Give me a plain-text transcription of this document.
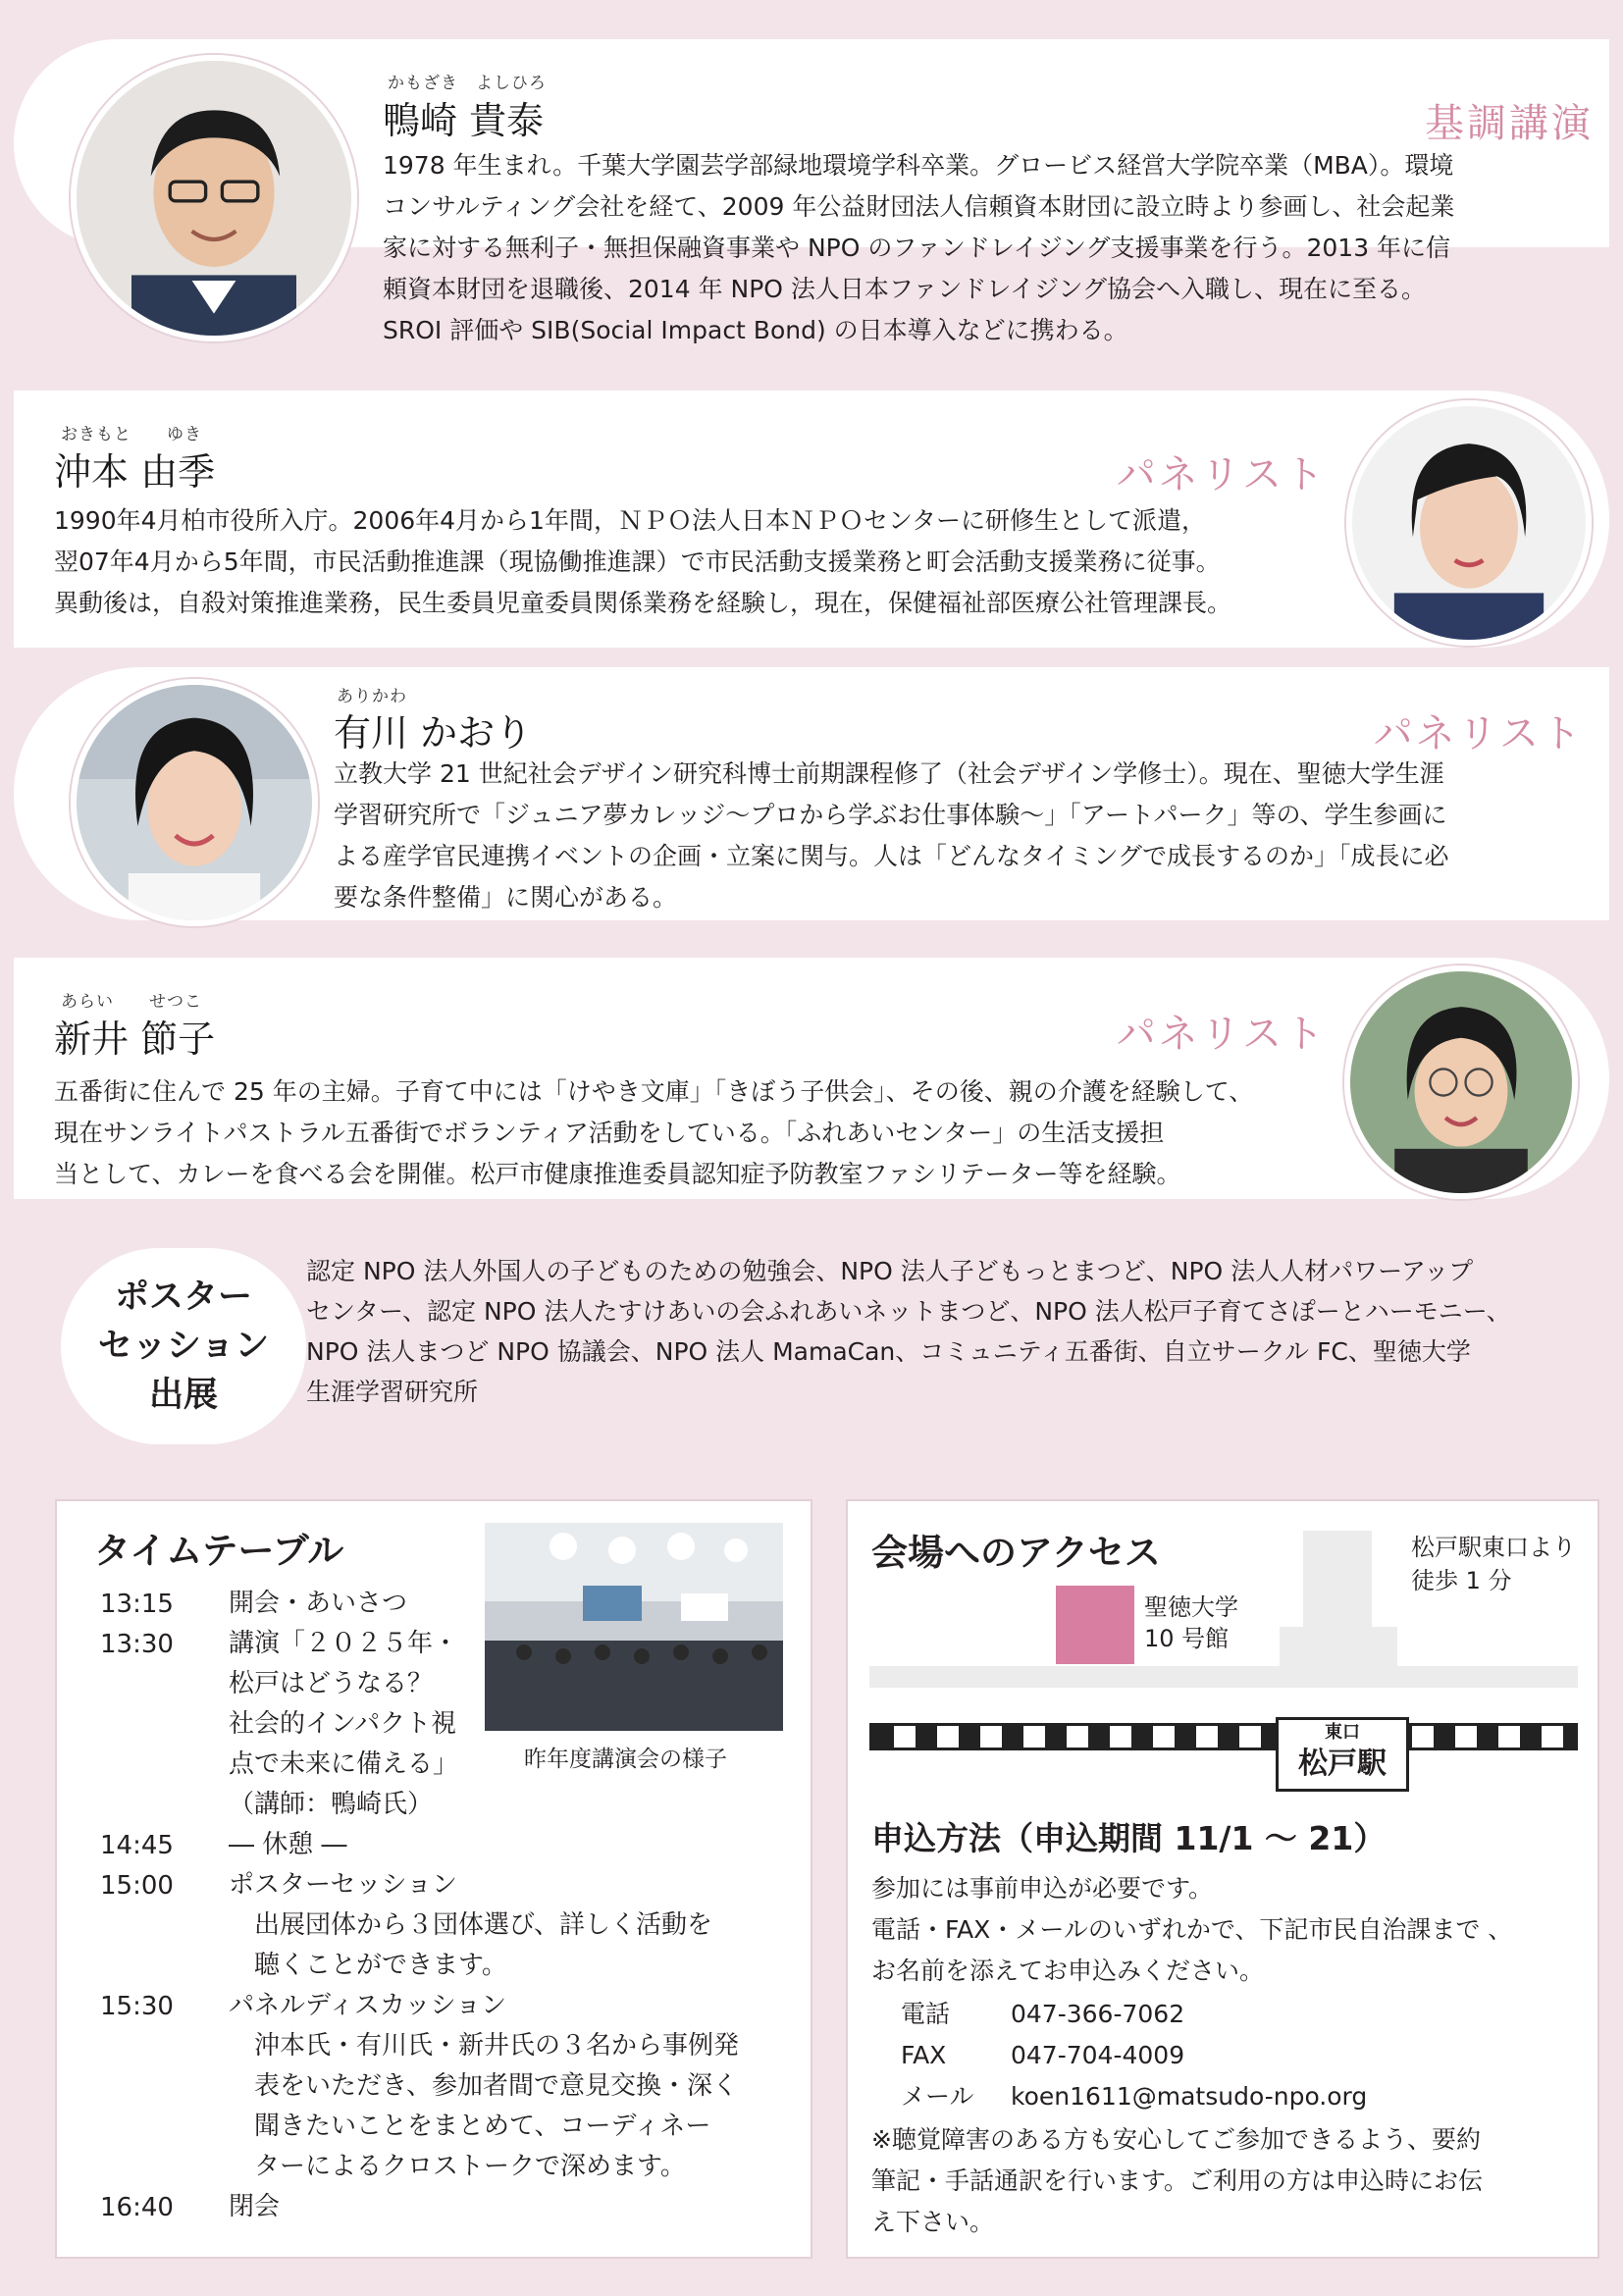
かもざき　よしひろ
鴨崎 貴泰	基調講演
1978 年生まれ。千葉大学園芸学部緑地環境学科卒業。グロービス経営大学院卒業（MBA）。環境
コンサルティング会社を経て、2009 年公益財団法人信頼資本財団に設立時より参画し、社会起業
家に対する無利子・無担保融資事業や NPO のファンドレイジング支援事業を行う。2013 年に信
頼資本財団を退職後、2014 年 NPO 法人日本ファンドレイジング協会へ入職し、現在に至る。
SROI 評価や SIB(Social Impact Bond) の日本導入などに携わる。
おきもと　　ゆき
沖本 由季	パネリスト
1990年4月柏市役所入庁。2006年4月から1年間，ＮＰＯ法人日本ＮＰＯセンターに研修生として派遣，
翌07年4月から5年間，市民活動推進課（現協働推進課）で市民活動支援業務と町会活動支援業務に従事。
異動後は，自殺対策推進業務，民生委員児童委員関係業務を経験し，現在，保健福祉部医療公社管理課長。
ありかわ
有川 かおり	パネリスト
立教大学 21 世紀社会デザイン研究科博士前期課程修了（社会デザイン学修士）。現在、聖徳大学生涯
学習研究所で「ジュニア夢カレッジ～プロから学ぶお仕事体験～」「アートパーク」等の、学生参画に
よる産学官民連携イベントの企画・立案に関与。人は「どんなタイミングで成長するのか」「成長に必
要な条件整備」に関心がある。
あらい　　せつこ
新井 節子	パネリスト
五番街に住んで 25 年の主婦。子育て中には「けやき文庫」「きぼう子供会」、その後、親の介護を経験して、
現在サンライトパストラル五番街でボランティア活動をしている。「ふれあいセンター」の生活支援担
当として、カレーを食べる会を開催。松戸市健康推進委員認知症予防教室ファシリテーター等を経験。
ポスター
セッション
出展
認定 NPO 法人外国人の子どものための勉強会、NPO 法人子どもっとまつど、NPO 法人人材パワーアップ
センター、認定 NPO 法人たすけあいの会ふれあいネットまつど、NPO 法人松戸子育てさぽーとハーモニー、
NPO 法人まつど NPO 協議会、NPO 法人 MamaCan、コミュニティ五番街、自立サークル FC、聖徳大学
生涯学習研究所
タイムテーブル
昨年度講演会の様子
13:15 開会・あいさつ
13:30 講演「２０２５年・
松戸はどうなる？
社会的インパクト視
点で未来に備える」
（講師：鴨崎氏）
14:45 ― 休憩 ―
15:00 ポスターセッション
　出展団体から３団体選び、詳しく活動を
　聴くことができます。
15:30 パネルディスカッション
　沖本氏・有川氏・新井氏の３名から事例発
　表をいただき、参加者間で意見交換・深く
　聞きたいことをまとめて、コーディネー
　ターによるクロストークで深めます。
16:40 閉会
会場へのアクセス
聖徳大学
10 号館
松戸駅東口より
徒歩 1 分
東口
松戸駅
申込方法（申込期間 11/1 ～ 21）
参加には事前申込が必要です。
電話・FAX・メールのいずれかで、下記市民自治課まで 、
お名前を添えてお申込みください。
電話 047-366-7062
FAX	047-704-4009
メール koen1611@matsudo-npo.org
※聴覚障害のある方も安心してご参加できるよう、要約
筆記・手話通訳を行います。ご利用の方は申込時にお伝
え下さい。
